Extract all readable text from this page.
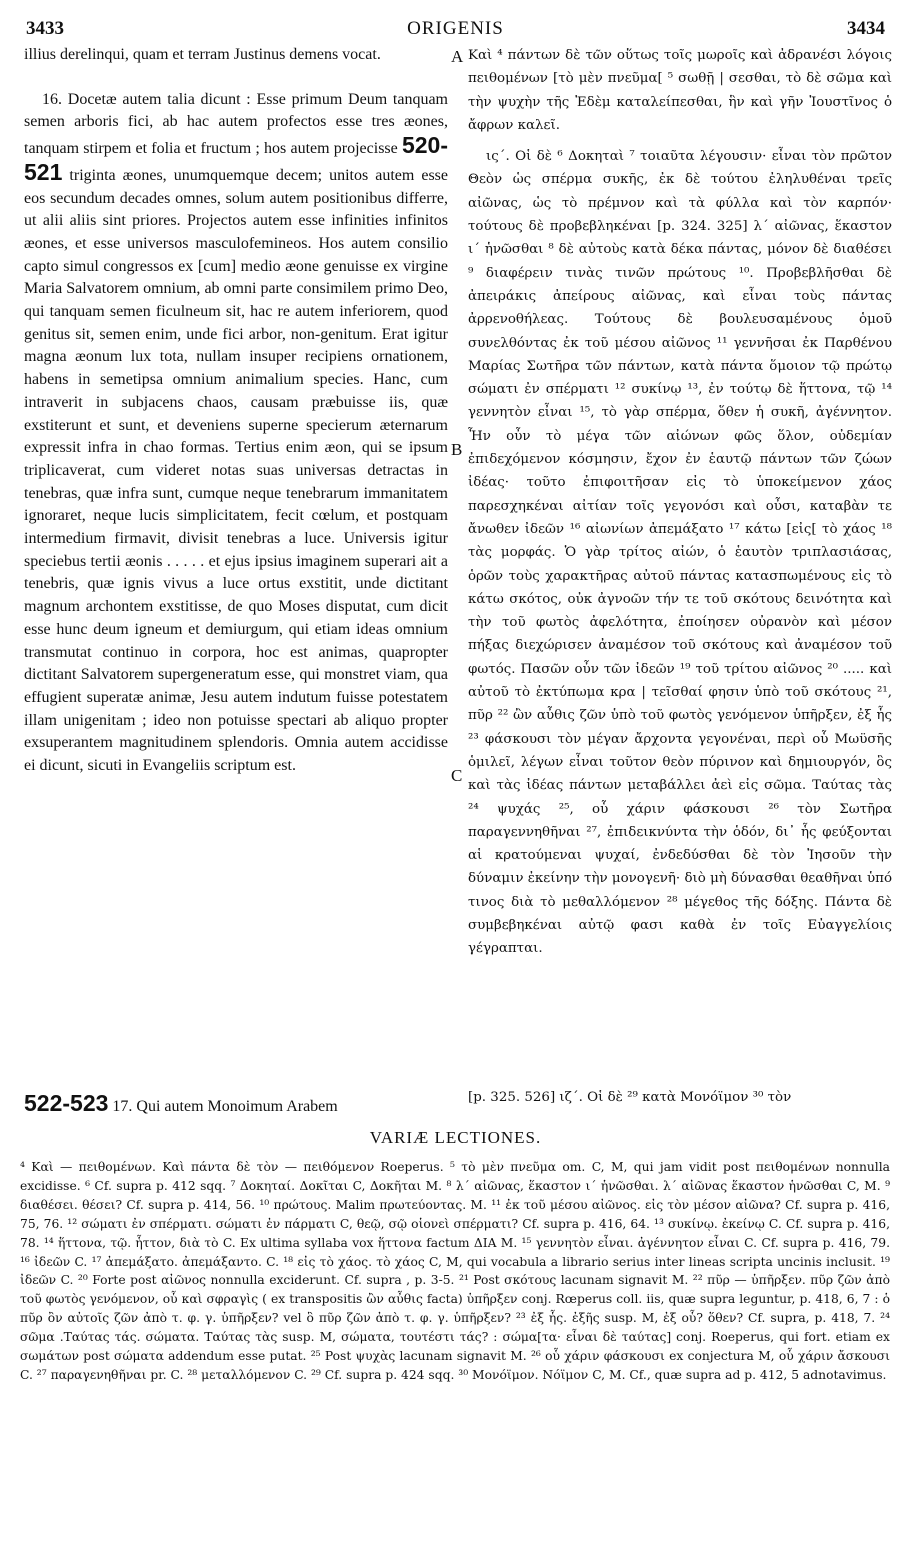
3433	ORIGENIS	3434

illius derelinqui, quam et terram Justinus demens vocat.

16. Docetæ autem talia dicunt : Esse primum Deum tanquam semen arboris fici, ab hac autem profectos esse tres æones, tanquam stirpem et folia et fructum ; hos autem projecisse 520-521 triginta æones, unumquemque decem; unitos autem esse eos secundum decades omnes, solum autem positionibus differre, ut alii aliis sint priores. Projectos autem esse infinities infinitos æones, et esse universos masculofemineos. Hos autem consilio capto simul congressos ex [cum] medio æone genuisse ex virgine Maria Salvatorem omnium, ab omni parte consimilem primo Deo, qui tanquam semen ficulneum sit, hac re autem inferiorem, quod genitus sit, semen enim, unde fici arbor, non-genitum. Erat igitur magna æonum lux tota, nullam insuper recipiens ornationem, habens in semetipsa omnium animalium species. Hanc, cum intraverit in subjacens chaos, causam præbuisse iis, quæ exstiterunt et sunt, et deveniens superne specierum æternarum expressit infra in chao formas. Tertius enim æon, qui se ipsum triplicaverat, cum videret notas suas universas detractas in tenebras, quæ infra sunt, cumque neque tenebrarum immanitatem ignoraret, neque lucis simplicitatem, fecit cœlum, et postquam intermedium firmavit, divisit tenebras a luce. Universis igitur speciebus tertii æonis . . . . . et ejus ipsius imaginem superari ait a tenebris, quæ ignis vivus a luce ortus exstitit, unde dictitant magnum archontem exstitisse, de quo Moses disputat, cum dicit esse hunc deum igneum et demiurgum, qui etiam ideas omnium transmutat continuo in corpora, hoc est animas, quapropter dictitant Salvatorem supergeneratum esse, qui monstret viam, qua effugient superatæ animæ, Jesu autem indutum fuisse potestatem illam unigenitam ; ideo non potuisse spectari ab aliquo propter exsuperantem magnitudinem splendoris. Omnia autem accidisse ei dicunt, sicuti in Evangeliis scriptum est.

A
B
C

Καὶ ⁴ πάντων δὲ τῶν οὕτως τοῖς μωροῖς καὶ ἀδρανέσι λόγοις πειθομένων [τὸ μὲν πνεῦμα[ ⁵ σωθῇ | σεσθαι, τὸ δὲ σῶμα καὶ τὴν ψυχὴν τῆς Ἐδὲμ καταλείπεσθαι, ἣν καὶ γῆν Ἰουστῖνος ὁ ἄφρων καλεῖ.

ις΄. Οἱ δὲ ⁶ Δοκηταὶ ⁷ τοιαῦτα λέγουσιν· εἶναι τὸν πρῶτον Θεὸν ὡς σπέρμα συκῆς, ἐκ δὲ τούτου ἐληλυθέναι τρεῖς αἰῶνας, ὡς τὸ πρέμνον καὶ τὰ φύλλα καὶ τὸν καρπόν· τούτους δὲ προβεβληκέναι [p. 324. 325] λ΄ αἰῶνας, ἕκαστον ι΄ ἡνῶσθαι ⁸ δὲ αὐτοὺς κατὰ δέκα πάντας, μόνον δὲ διαθέσει ⁹ διαφέρειν τινὰς τινῶν πρώτους ¹⁰. Προβεβλῆσθαι δὲ ἀπειράκις ἀπείρους αἰῶνας, καὶ εἶναι τοὺς πάντας ἀρρενοθήλεας. Τούτους δὲ βουλευσαμένους ὁμοῦ συνελθόντας ἐκ τοῦ μέσου αἰῶνος ¹¹ γεννῆσαι ἐκ Παρθένου Μαρίας Σωτῆρα τῶν πάντων, κατὰ πάντα ὅμοιον τῷ πρώτῳ σώματι ἐν σπέρματι ¹² συκίνῳ ¹³, ἐν τούτῳ δὲ ἥττονα, τῷ ¹⁴ γεννητὸν εἶναι ¹⁵, τὸ γὰρ σπέρμα, ὅθεν ἡ συκῆ, ἀγέννητον. Ἦν οὖν τὸ μέγα τῶν αἰώνων φῶς ὅλον, οὐδεμίαν ἐπιδεχόμενον κόσμησιν, ἔχον ἐν ἑαυτῷ πάντων τῶν ζώων ἰδέας· τοῦτο ἐπιφοιτῆσαν εἰς τὸ ὑποκείμενον χάος παρεσχηκέναι αἰτίαν τοῖς γεγονόσι καὶ οὖσι, καταβὰν τε ἄνωθεν ἰδεῶν ¹⁶ αἰωνίων ἀπεμάξατο ¹⁷ κάτω [εἰς[ τὸ χάος ¹⁸ τὰς μορφάς. Ὁ γὰρ τρίτος αἰών, ὁ ἑαυτὸν τριπλασιάσας, ὁρῶν τοὺς χαρακτῆρας αὐτοῦ πάντας κατασπωμένους εἰς τὸ κάτω σκότος, οὐκ ἀγνοῶν τήν τε τοῦ σκότους δεινότητα καὶ τὴν τοῦ φωτὸς ἀφελότητα, ἐποίησεν οὐρανὸν καὶ μέσον πήξας διεχώρισεν ἀναμέσον τοῦ σκότους καὶ ἀναμέσον τοῦ φωτός. Πασῶν οὖν τῶν ἰδεῶν ¹⁹ τοῦ τρίτου αἰῶνος ²⁰ ..... καὶ αὐτοῦ τὸ ἐκτύπωμα κρα | τεῖσθαί φησιν ὑπὸ τοῦ σκότους ²¹, πῦρ ²² ὢν αὖθις ζῶν ὑπὸ τοῦ φωτὸς γενόμενον ὑπῆρξεν, ἐξ ἧς ²³ φάσκουσι τὸν μέγαν ἄρχοντα γεγονέναι, περὶ οὗ Μωϋσῆς ὁμιλεῖ, λέγων εἶναι τοῦτον θεὸν πύρινον καὶ δημιουργόν, ὃς καὶ τὰς ἰδέας πάντων μεταβάλλει ἀεὶ εἰς σῶμα. Ταύτας τὰς ²⁴ ψυχάς ²⁵, οὗ χάριν φάσκουσι ²⁶ τὸν Σωτῆρα παραγεννηθῆναι ²⁷, ἐπιδεικνύντα τὴν ὁδόν, δι᾽ ἧς φεύξονται αἱ κρατούμεναι ψυχαί, ἐνδεδύσθαι δὲ τὸν Ἰησοῦν τὴν δύναμιν ἐκείνην τὴν μονογενῆ· διὸ μὴ δύνασθαι θεαθῆναι ὑπό τινος διὰ τὸ μεθαλλόμενον ²⁸ μέγεθος τῆς δόξης. Πάντα δὲ συμβεβηκέναι αὐτῷ φασι καθὰ ἐν τοῖς Εὐαγγελίοις γέγραπται.

522-523 17. Qui autem Monoimum Arabem
[p. 325. 526] ιζ΄. Οἱ δὲ ²⁹ κατὰ Μονόϊμον ³⁰ τὸν
VARIÆ LECTIONES.
⁴ Καὶ — πειθομένων. Καὶ πάντα δὲ τὸν — πειθόμενον Roeperus. ⁵ τὸ μὲν πνεῦμα om. C, M, qui jam vidit post πειθομένων nonnulla excidisse. ⁶ Cf. supra p. 412 sqq. ⁷ Δοκηταί. Δοκῖται C, Δοκῆται M. ⁸ λ΄ αἰῶνας, ἕκαστον ι΄ ἡνῶσθαι. λ΄ αἰῶνας ἕκαστον ἡνῶσθαι C, M. ⁹ διαθέσει. θέσει? Cf. supra p. 414, 56. ¹⁰ πρώτους. Malim πρωτεύοντας. M. ¹¹ ἐκ τοῦ μέσου αἰῶνος. εἰς τὸν μέσον αἰῶνα? Cf. supra p. 416, 75, 76. ¹² σώματι ἐν σπέρματι. σώματι ἐν πάρματι C, θεῷ, σῷ οἱονεὶ σπέρματι? Cf. supra p. 416, 64. ¹³ συκίνῳ. ἐκείνῳ C. Cf. supra p. 416, 78. ¹⁴ ἥττονα, τῷ. ἧττον, διὰ τὸ C. Ex ultima syllaba vox ἥττονα factum ΔΙΑ M. ¹⁵ γεννητὸν εἶναι. ἀγέννητον εἶναι C. Cf. supra p. 416, 79. ¹⁶ ἰδεῶν C. ¹⁷ ἀπεμάξατο. ἀπεμάξαντο. C. ¹⁸ εἰς τὸ χάος. τὸ χάος C, M, qui vocabula a librario serius inter lineas scripta uncinis inclusit. ¹⁹ ἰδεῶν C. ²⁰ Forte post αἰῶνος nonnulla exciderunt. Cf. supra , p. 3-5. ²¹ Post σκότους lacunam signavit M. ²² πῦρ — ὑπῆρξεν. πῦρ ζῶν ἀπὸ τοῦ φωτὸς γενόμενον, οὗ καὶ σφραγὶς ( ex transpositis ὢν αὖθις facta) ὑπῆρξεν conj. Rœperus coll. iis, quæ supra leguntur, p. 418, 6, 7 : ὁ πῦρ ὂν αὐτοῖς ζῶν ἀπὸ τ. φ. γ. ὑπῆρξεν? vel ὃ πῦρ ζῶν ἀπὸ τ. φ. γ. ὑπῆρξεν? ²³ ἐξ ἧς. ἐξῆς susp. M, ἐξ οὗ? ὅθεν? Cf. supra, p. 418, 7. ²⁴ σῶμα .Ταύτας τάς. σώματα. Ταύτας τὰς susp. M, σώματα, τουτέστι τάς? : σώμα[τα· εἶναι δὲ ταύτας] conj. Roeperus, qui fort. etiam ex σωμάτων post σώματα addendum esse putat. ²⁵ Post ψυχὰς lacunam signavit M. ²⁶ οὗ χάριν φάσκουσι ex conjectura M, οὗ χάριν ἄσκουσι C. ²⁷ παραγενηθῆναι pr. C. ²⁸ μεταλλόμενον C. ²⁹ Cf. supra p. 424 sqq. ³⁰ Μονόϊμον. Νόϊμον C, M. Cf., quæ supra ad p. 412, 5 adnotavimus.
